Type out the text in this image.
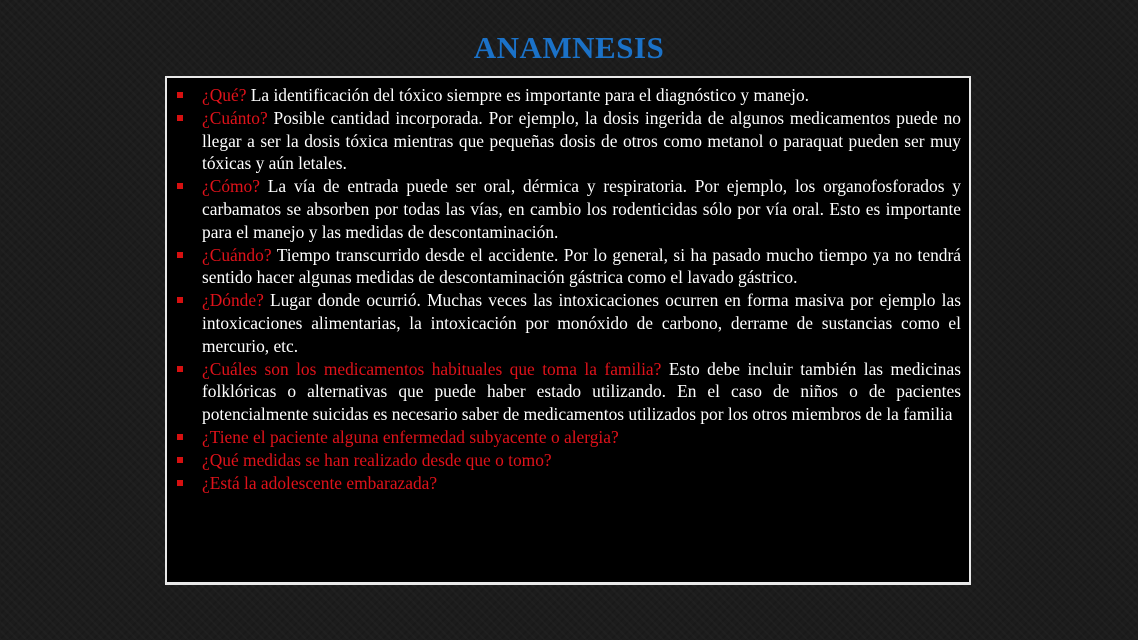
ANAMNESIS
¿Qué? La identificación del tóxico siempre es importante para el diagnóstico y manejo.
¿Cuánto? Posible cantidad incorporada. Por ejemplo, la dosis ingerida de algunos medicamentos puede no llegar a ser la dosis tóxica mientras que pequeñas dosis de otros como metanol o paraquat pueden ser muy tóxicas y aún letales.
¿Cómo? La vía de entrada puede ser oral, dérmica y respiratoria. Por ejemplo, los organofosforados y carbamatos se absorben por todas las vías, en cambio los rodenticidas sólo por vía oral. Esto es importante para el manejo y las medidas de descontaminación.
¿Cuándo? Tiempo transcurrido desde el accidente. Por lo general, si ha pasado mucho tiempo ya no tendrá sentido hacer algunas medidas de descontaminación gástrica como el lavado gástrico.
¿Dónde? Lugar donde ocurrió. Muchas veces las intoxicaciones ocurren en forma masiva por ejemplo las intoxicaciones alimentarias, la intoxicación por monóxido de carbono, derrame de sustancias como el mercurio, etc.
¿Cuáles son los medicamentos habituales que toma la familia? Esto debe incluir también las medicinas folklóricas o alternativas que puede haber estado utilizando. En el caso de niños o de pacientes potencialmente suicidas es necesario saber de medicamentos utilizados por los otros miembros de la familia
¿Tiene el paciente alguna enfermedad subyacente o alergia?
¿Qué medidas se han realizado desde que o tomo?
¿Está la adolescente embarazada?
